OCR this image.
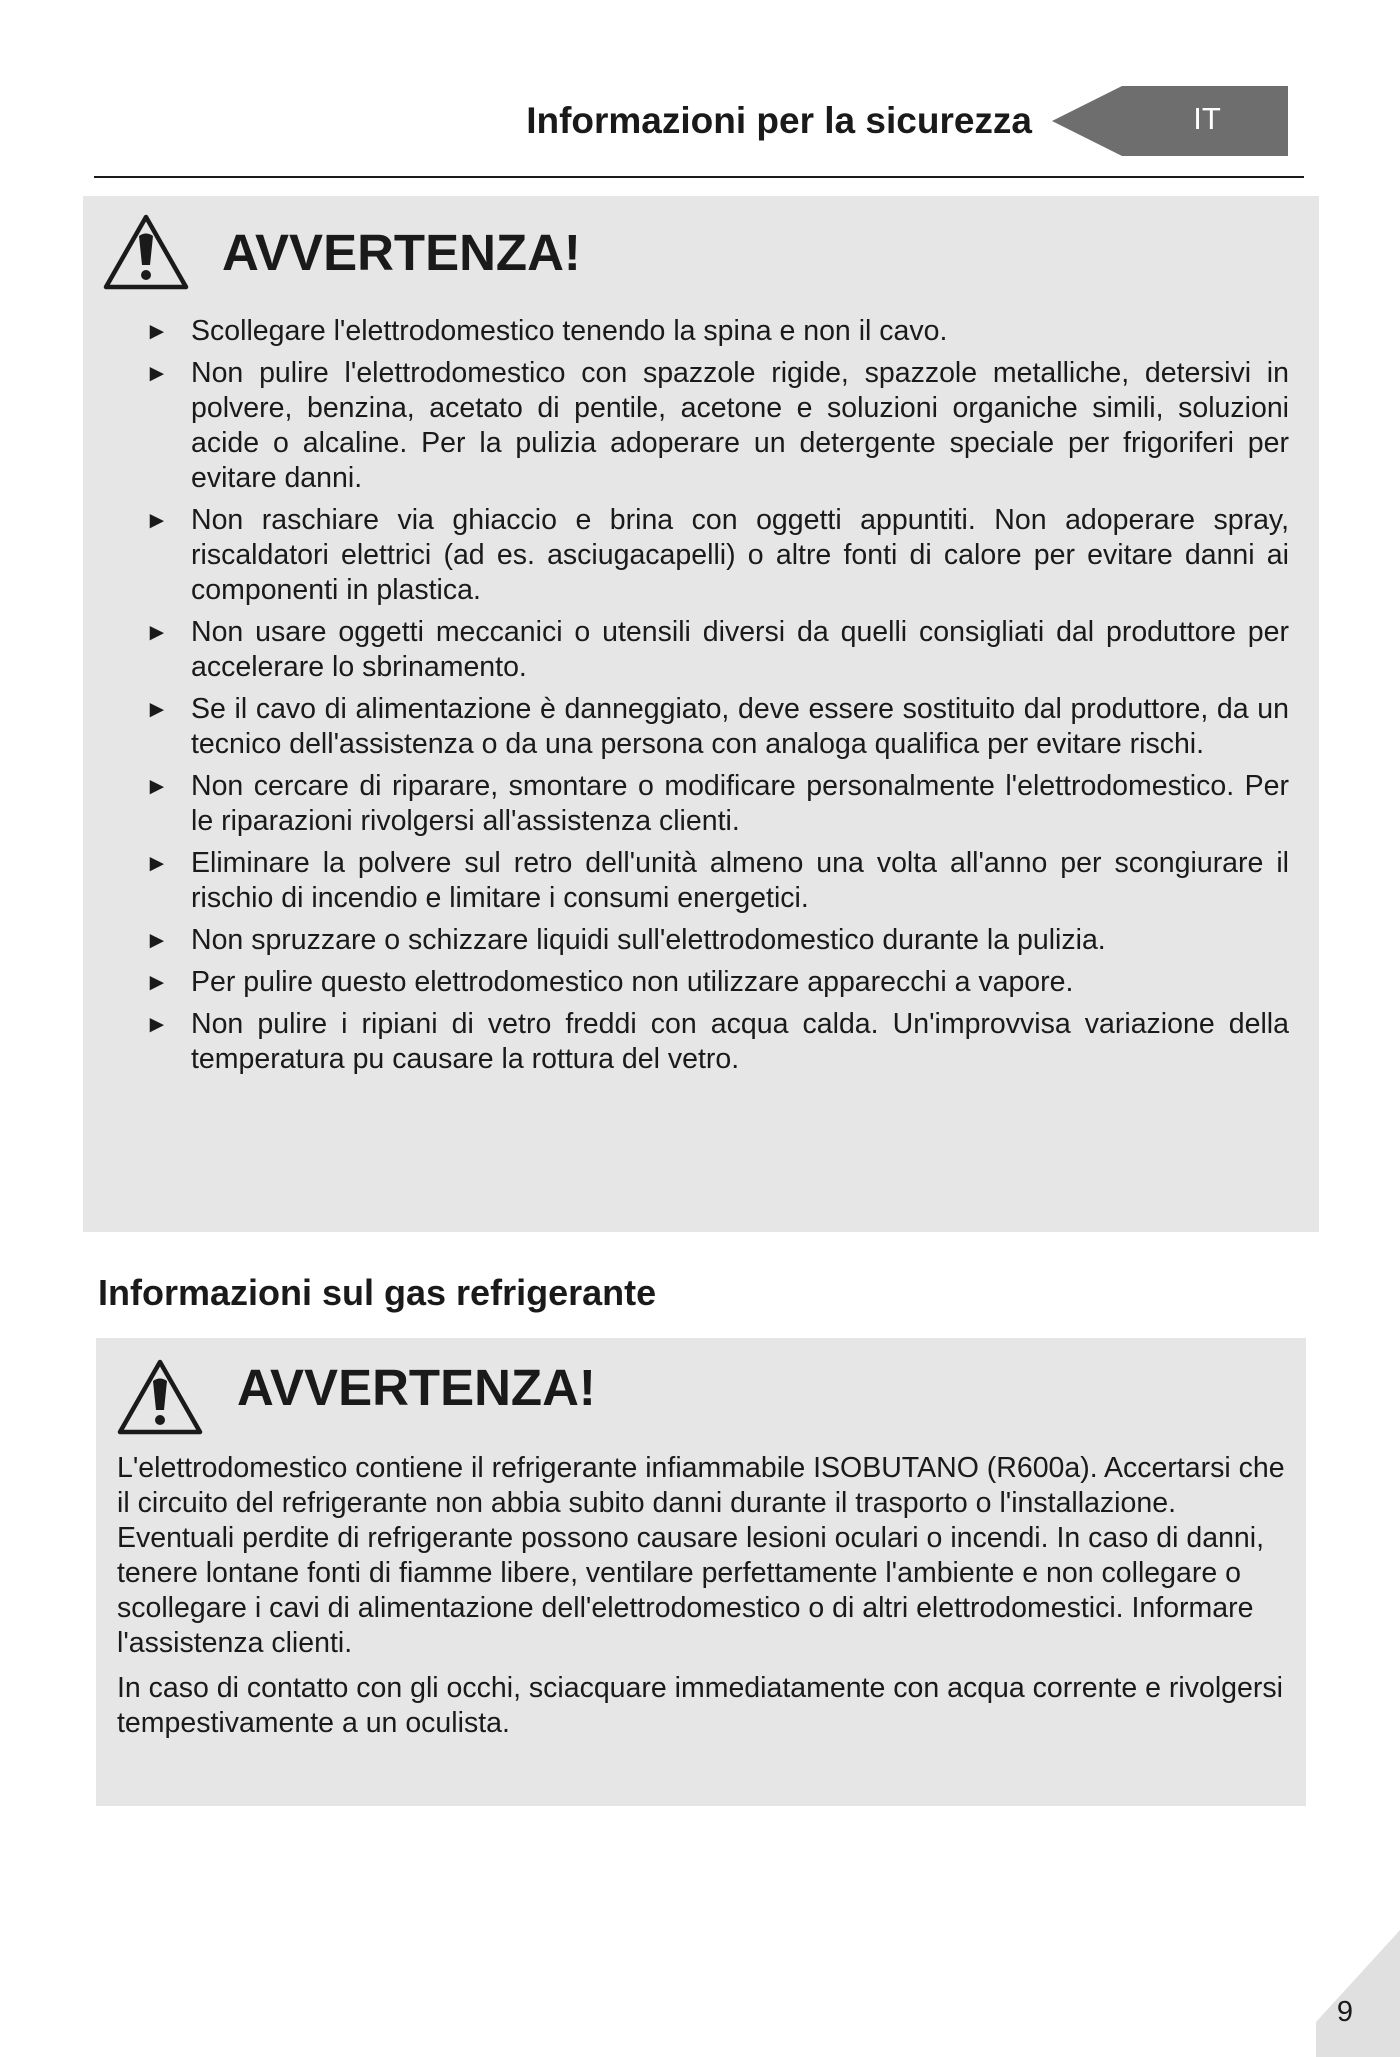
Informazioni per la sicurezza	IT
AVVERTENZA!
► Scollegare l'elettrodomestico tenendo la spina e non il cavo.
► Non pulire l'elettrodomestico con spazzole rigide, spazzole metalliche, detersivi in polvere, benzina, acetato di pentile, acetone e soluzioni organiche simili, soluzioni acide o alcaline. Per la pulizia adoperare un detergente speciale per frigoriferi per evitare danni.
► Non raschiare via ghiaccio e brina con oggetti appuntiti. Non adoperare spray, riscaldatori elettrici (ad es. asciugacapelli) o altre fonti di calore per evitare danni ai componenti in plastica.
► Non usare oggetti meccanici o utensili diversi da quelli consigliati dal produttore per accelerare lo sbrinamento.
► Se il cavo di alimentazione è danneggiato, deve essere sostituito dal produttore, da un tecnico dell'assistenza o da una persona con analoga qualifica per evitare rischi.
► Non cercare di riparare, smontare o modificare personalmente l'elettrodomestico. Per le riparazioni rivolgersi all'assistenza clienti.
► Eliminare la polvere sul retro dell'unità almeno una volta all'anno per scongiurare il rischio di incendio e limitare i consumi energetici.
► Non spruzzare o schizzare liquidi sull'elettrodomestico durante la pulizia.
► Per pulire questo elettrodomestico non utilizzare apparecchi a vapore.
► Non pulire i ripiani di vetro freddi con acqua calda. Un'improvvisa variazione della temperatura pu causare la rottura del vetro.
Informazioni sul gas refrigerante
AVVERTENZA!

L'elettrodomestico contiene il refrigerante infiammabile ISOBUTANO (R600a). Accertarsi che il circuito del refrigerante non abbia subito danni durante il trasporto o l'installazione. Eventuali perdite di refrigerante possono causare lesioni oculari o incendi. In caso di danni, tenere lontane fonti di fiamme libere, ventilare perfettamente l'ambiente e non collegare o scollegare i cavi di alimentazione dell'elettrodomestico o di altri elettrodomestici. Informare l'assistenza clienti.

In caso di contatto con gli occhi, sciacquare immediatamente con acqua corrente e rivolgersi tempestivamente a un oculista.

9
